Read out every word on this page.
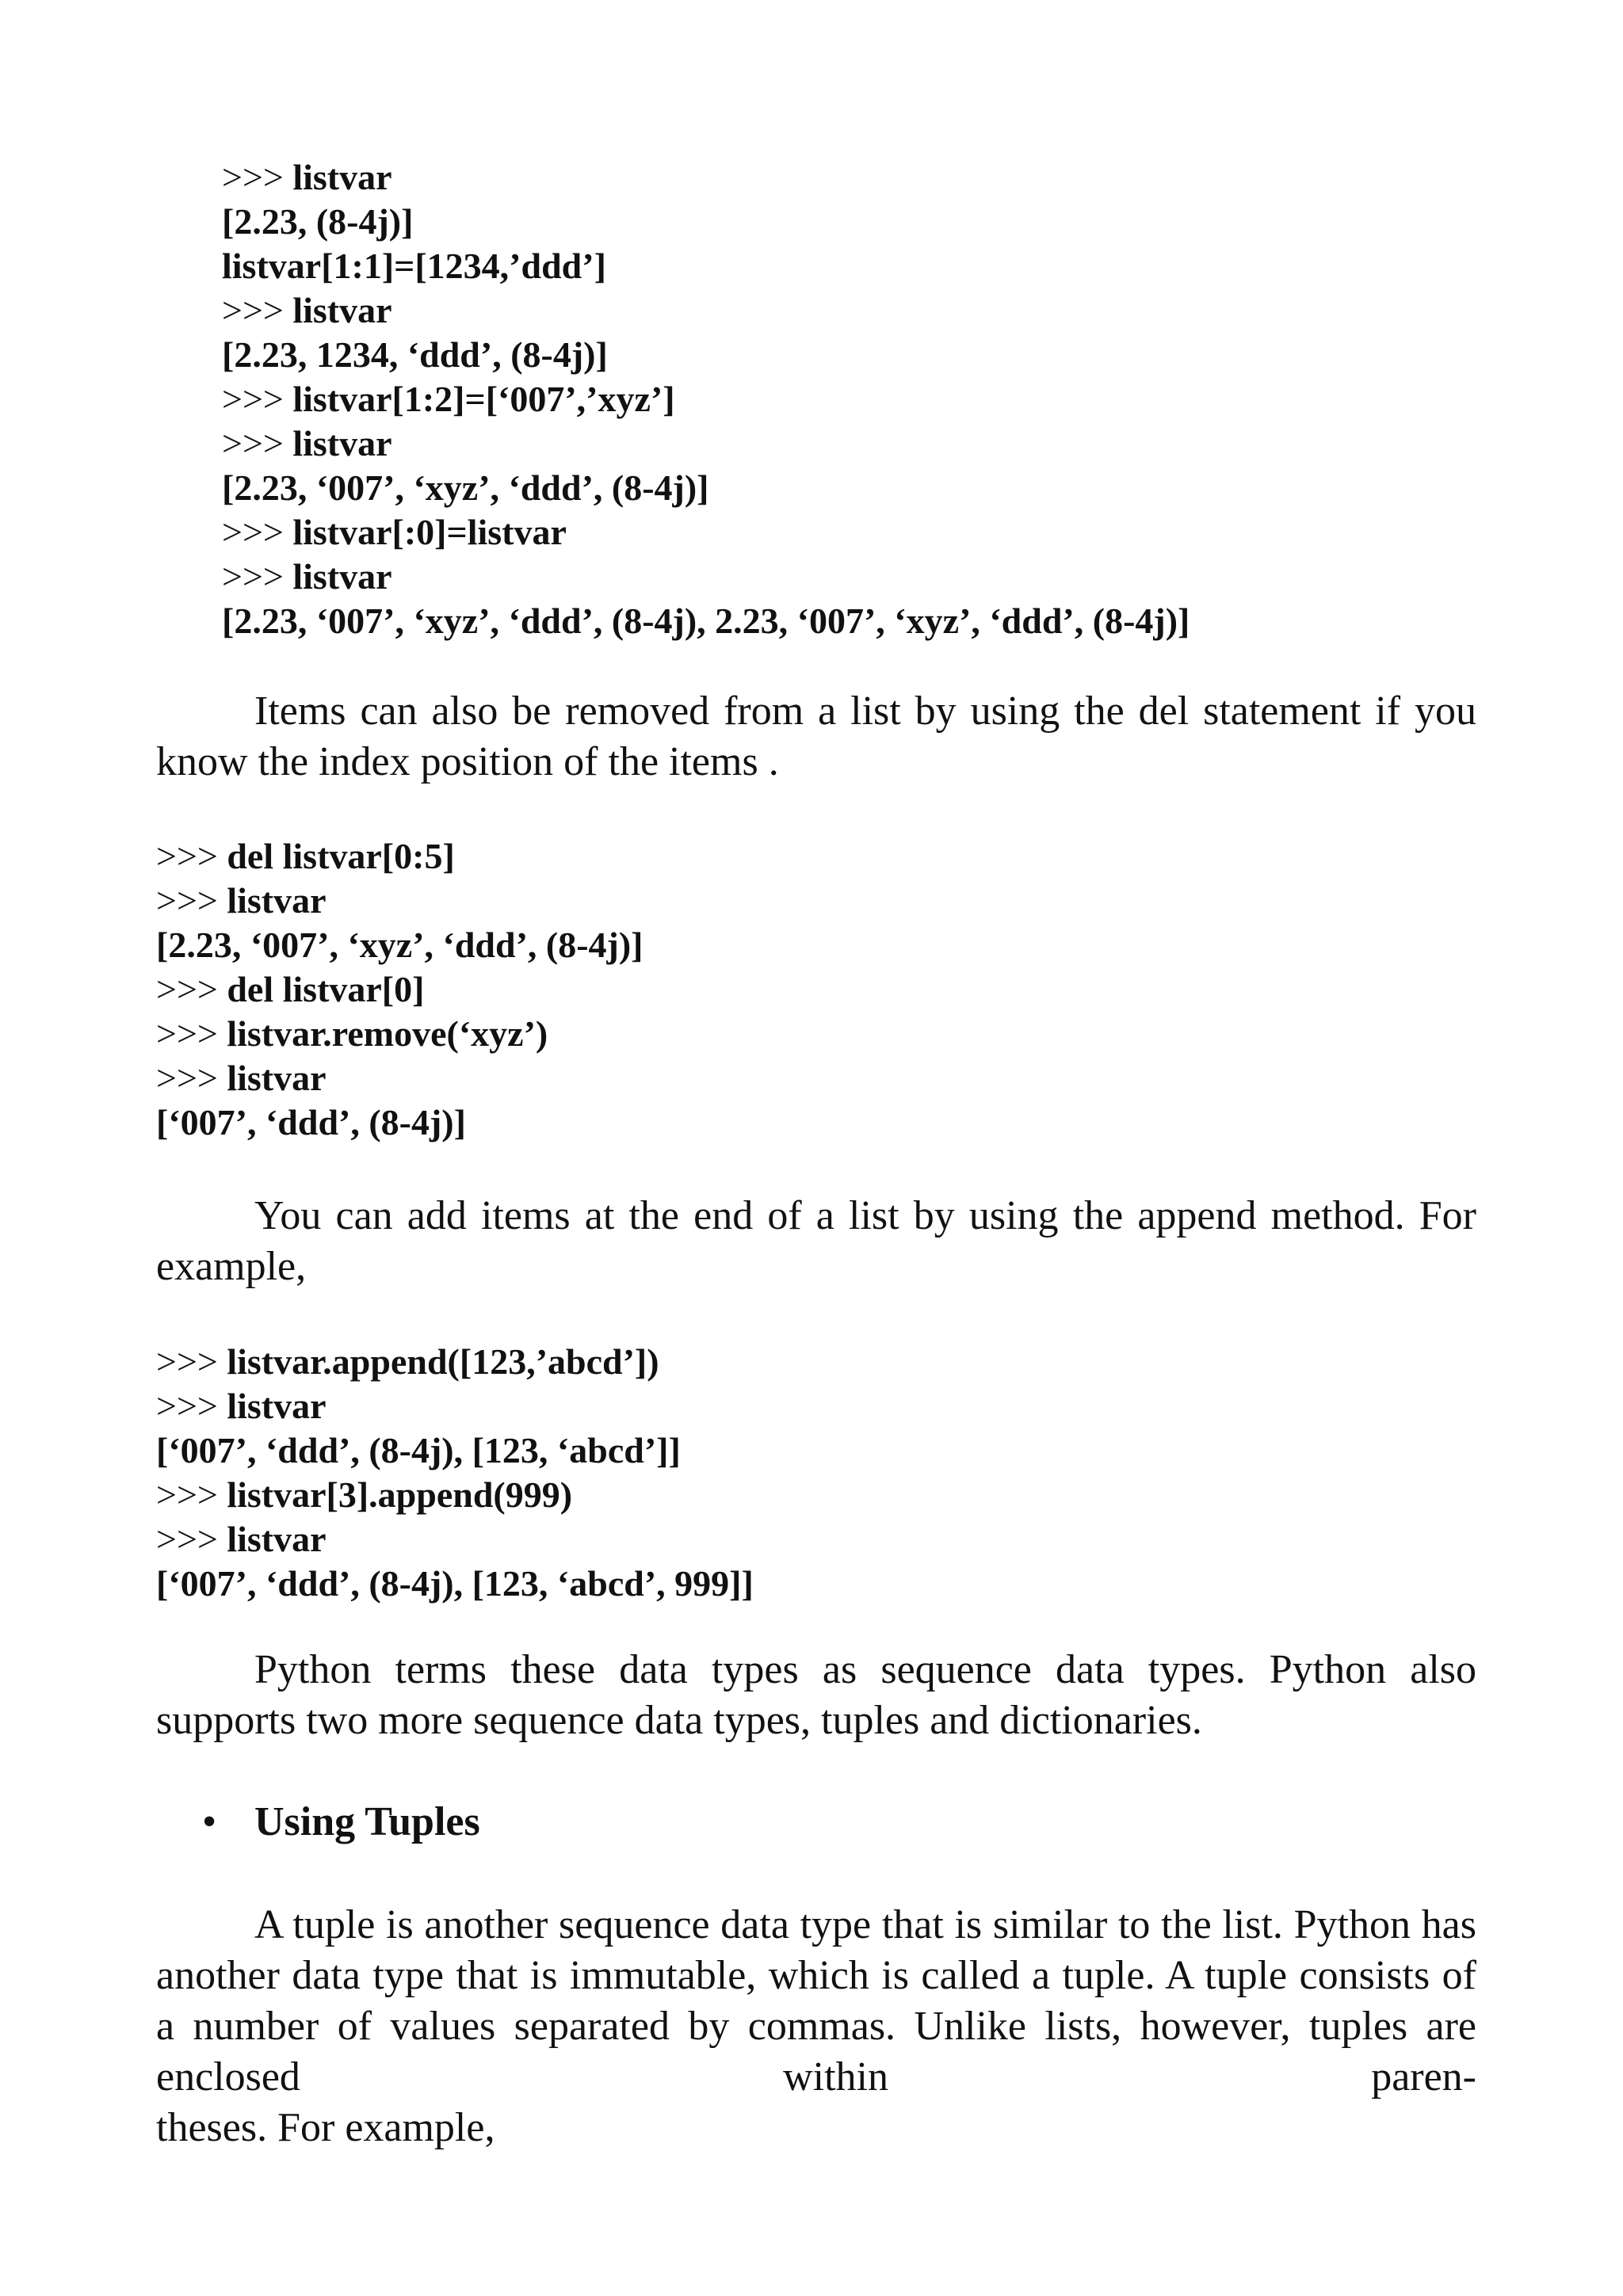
>>> listvar
[2.23, (8-4j)]
listvar[1:1]=[1234,’ddd’]
>>> listvar
[2.23, 1234, ‘ddd’, (8-4j)]
>>> listvar[1:2]=[‘007’,’xyz’]
>>> listvar
[2.23, ‘007’, ‘xyz’, ‘ddd’, (8-4j)]
>>> listvar[:0]=listvar
>>> listvar
[2.23, ‘007’, ‘xyz’, ‘ddd’, (8-4j), 2.23, ‘007’, ‘xyz’, ‘ddd’, (8-4j)]

Items can also be removed from a list by using the del statement if you know the index position of the items .

>>> del listvar[0:5]
>>> listvar
[2.23, ‘007’, ‘xyz’, ‘ddd’, (8-4j)]
>>> del listvar[0]
>>> listvar.remove(‘xyz’)
>>> listvar
[‘007’, ‘ddd’, (8-4j)]

You can add items at the end of a list by using the append method. For example,

>>> listvar.append([123,’abcd’])
>>> listvar
[‘007’, ‘ddd’, (8-4j), [123, ‘abcd’]]
>>> listvar[3].append(999)
>>> listvar
[‘007’, ‘ddd’, (8-4j), [123, ‘abcd’, 999]]

Python terms these data types as sequence data types. Python also supports two more sequence data types, tuples and dictionaries.

• Using Tuples

A tuple is another sequence data type that is similar to the list. Python has another data type that is immutable, which is called a tuple. A tuple consists of a number of values separated by commas. Unlike lists, however, tuples are enclosed within paren-
theses. For example,
